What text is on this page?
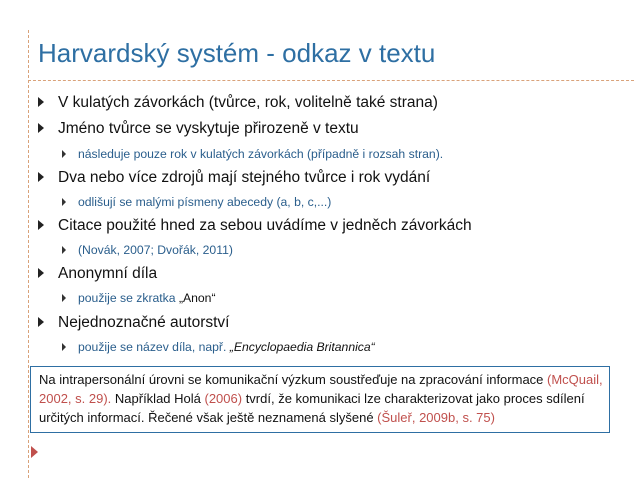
Harvardský systém - odkaz v textu
V kulatých závorkách (tvůrce, rok, volitelně také strana)
Jméno tvůrce se vyskytuje přirozeně v textu
následuje pouze rok v kulatých závorkách (případně i rozsah stran).
Dva nebo více zdrojů mají stejného tvůrce i rok vydání
odlišují se malými písmeny abecedy (a, b, c,...)
Citace použité hned za sebou uvádíme v jedněch závorkách
(Novák, 2007; Dvořák, 2011)
Anonymní díla
použije se zkratka „Anon“
Nejednoznačné autorství
použije se název díla, např. „Encyclopaedia Britannica“
Na intrapersonální úrovni se komunikační výzkum soustřeďuje na zpracování informace (McQuail, 2002, s. 29). Například Holá (2006) tvrdí, že komunikaci lze charakterizovat jako proces sdílení určitých informací. Řečené však ještě neznamená slyšené (Šuleř, 2009b, s. 75)
